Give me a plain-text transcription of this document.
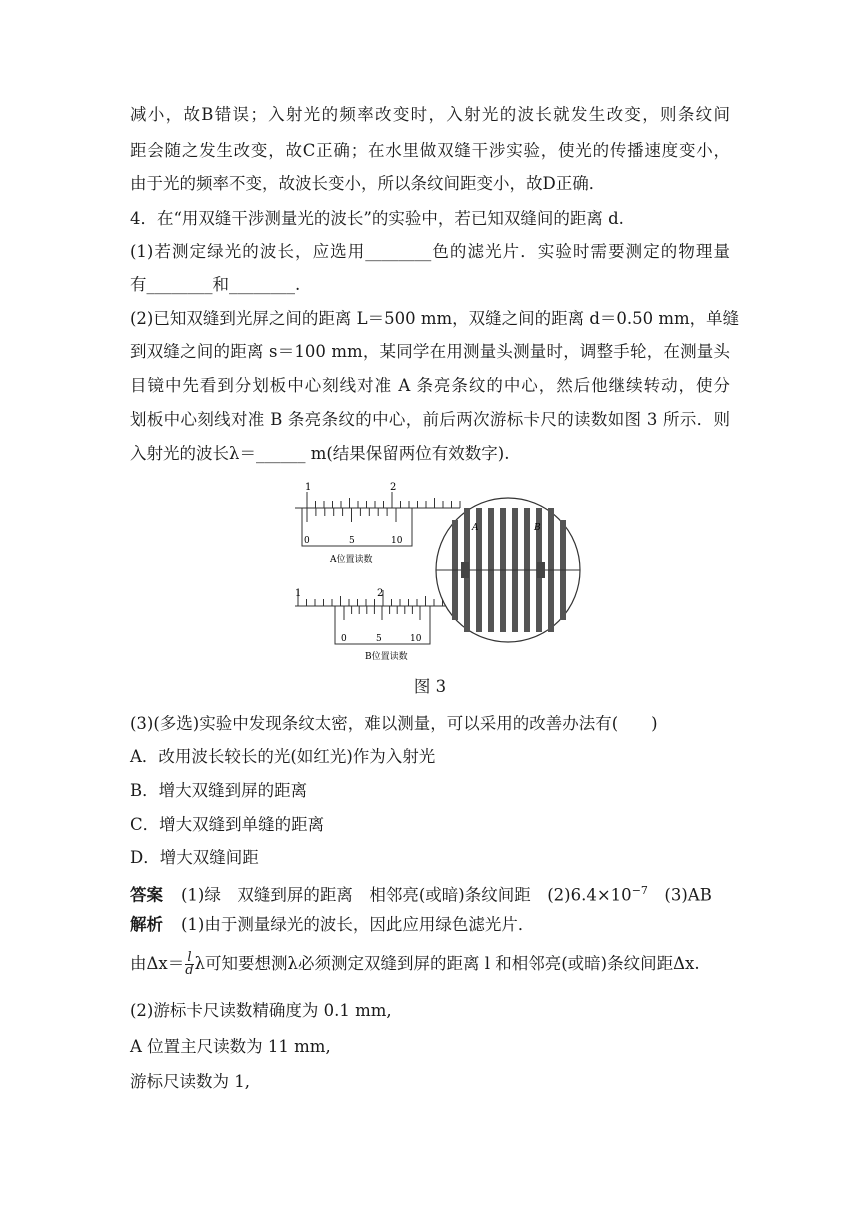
减小，故B错误；入射光的频率改变时，入射光的波长就发生改变，则条纹间
距会随之发生改变，故C正确；在水里做双缝干涉实验，使光的传播速度变小，
由于光的频率不变，故波长变小，所以条纹间距变小，故D正确．
4．在“用双缝干涉测量光的波长”的实验中，若已知双缝间的距离 d.
(1)若测定绿光的波长，应选用________色的滤光片．实验时需要测定的物理量
有________和________.
(2)已知双缝到光屏之间的距离 L＝500 mm，双缝之间的距离 d＝0.50 mm，单缝
到双缝之间的距离 s＝100 mm，某同学在用测量头测量时，调整手轮，在测量头
目镜中先看到分划板中心刻线对准 A 条亮条纹的中心，然后他继续转动，使分
划板中心刻线对准 B 条亮条纹的中心，前后两次游标卡尺的读数如图 3 所示．则
入射光的波长λ＝______ m(结果保留两位有效数字).
1	2
0	5	10
A位置读数
1	2
0	5	10
B位置读数
A	B
图 3
(3)(多选)实验中发现条纹太密，难以测量，可以采用的改善办法有(　　)
A．改用波长较长的光(如红光)作为入射光
B．增大双缝到屏的距离
C．增大双缝到单缝的距离
D．增大双缝间距
答案 (1)绿　双缝到屏的距离　相邻亮(或暗)条纹间距　$(2)6.4\times 10^{-7}$　(3)AB
解析 (1)由于测量绿光的波长，因此应用绿色滤光片．
由$\Delta x= \frac{l}{d}$ λ可知要想测λ必须测定双缝到屏的距离 l 和相邻亮(或暗)条纹间距Δx.
(2)游标卡尺读数精确度为 0.1 mm,
A 位置主尺读数为 11 mm,
游标尺读数为 1,
